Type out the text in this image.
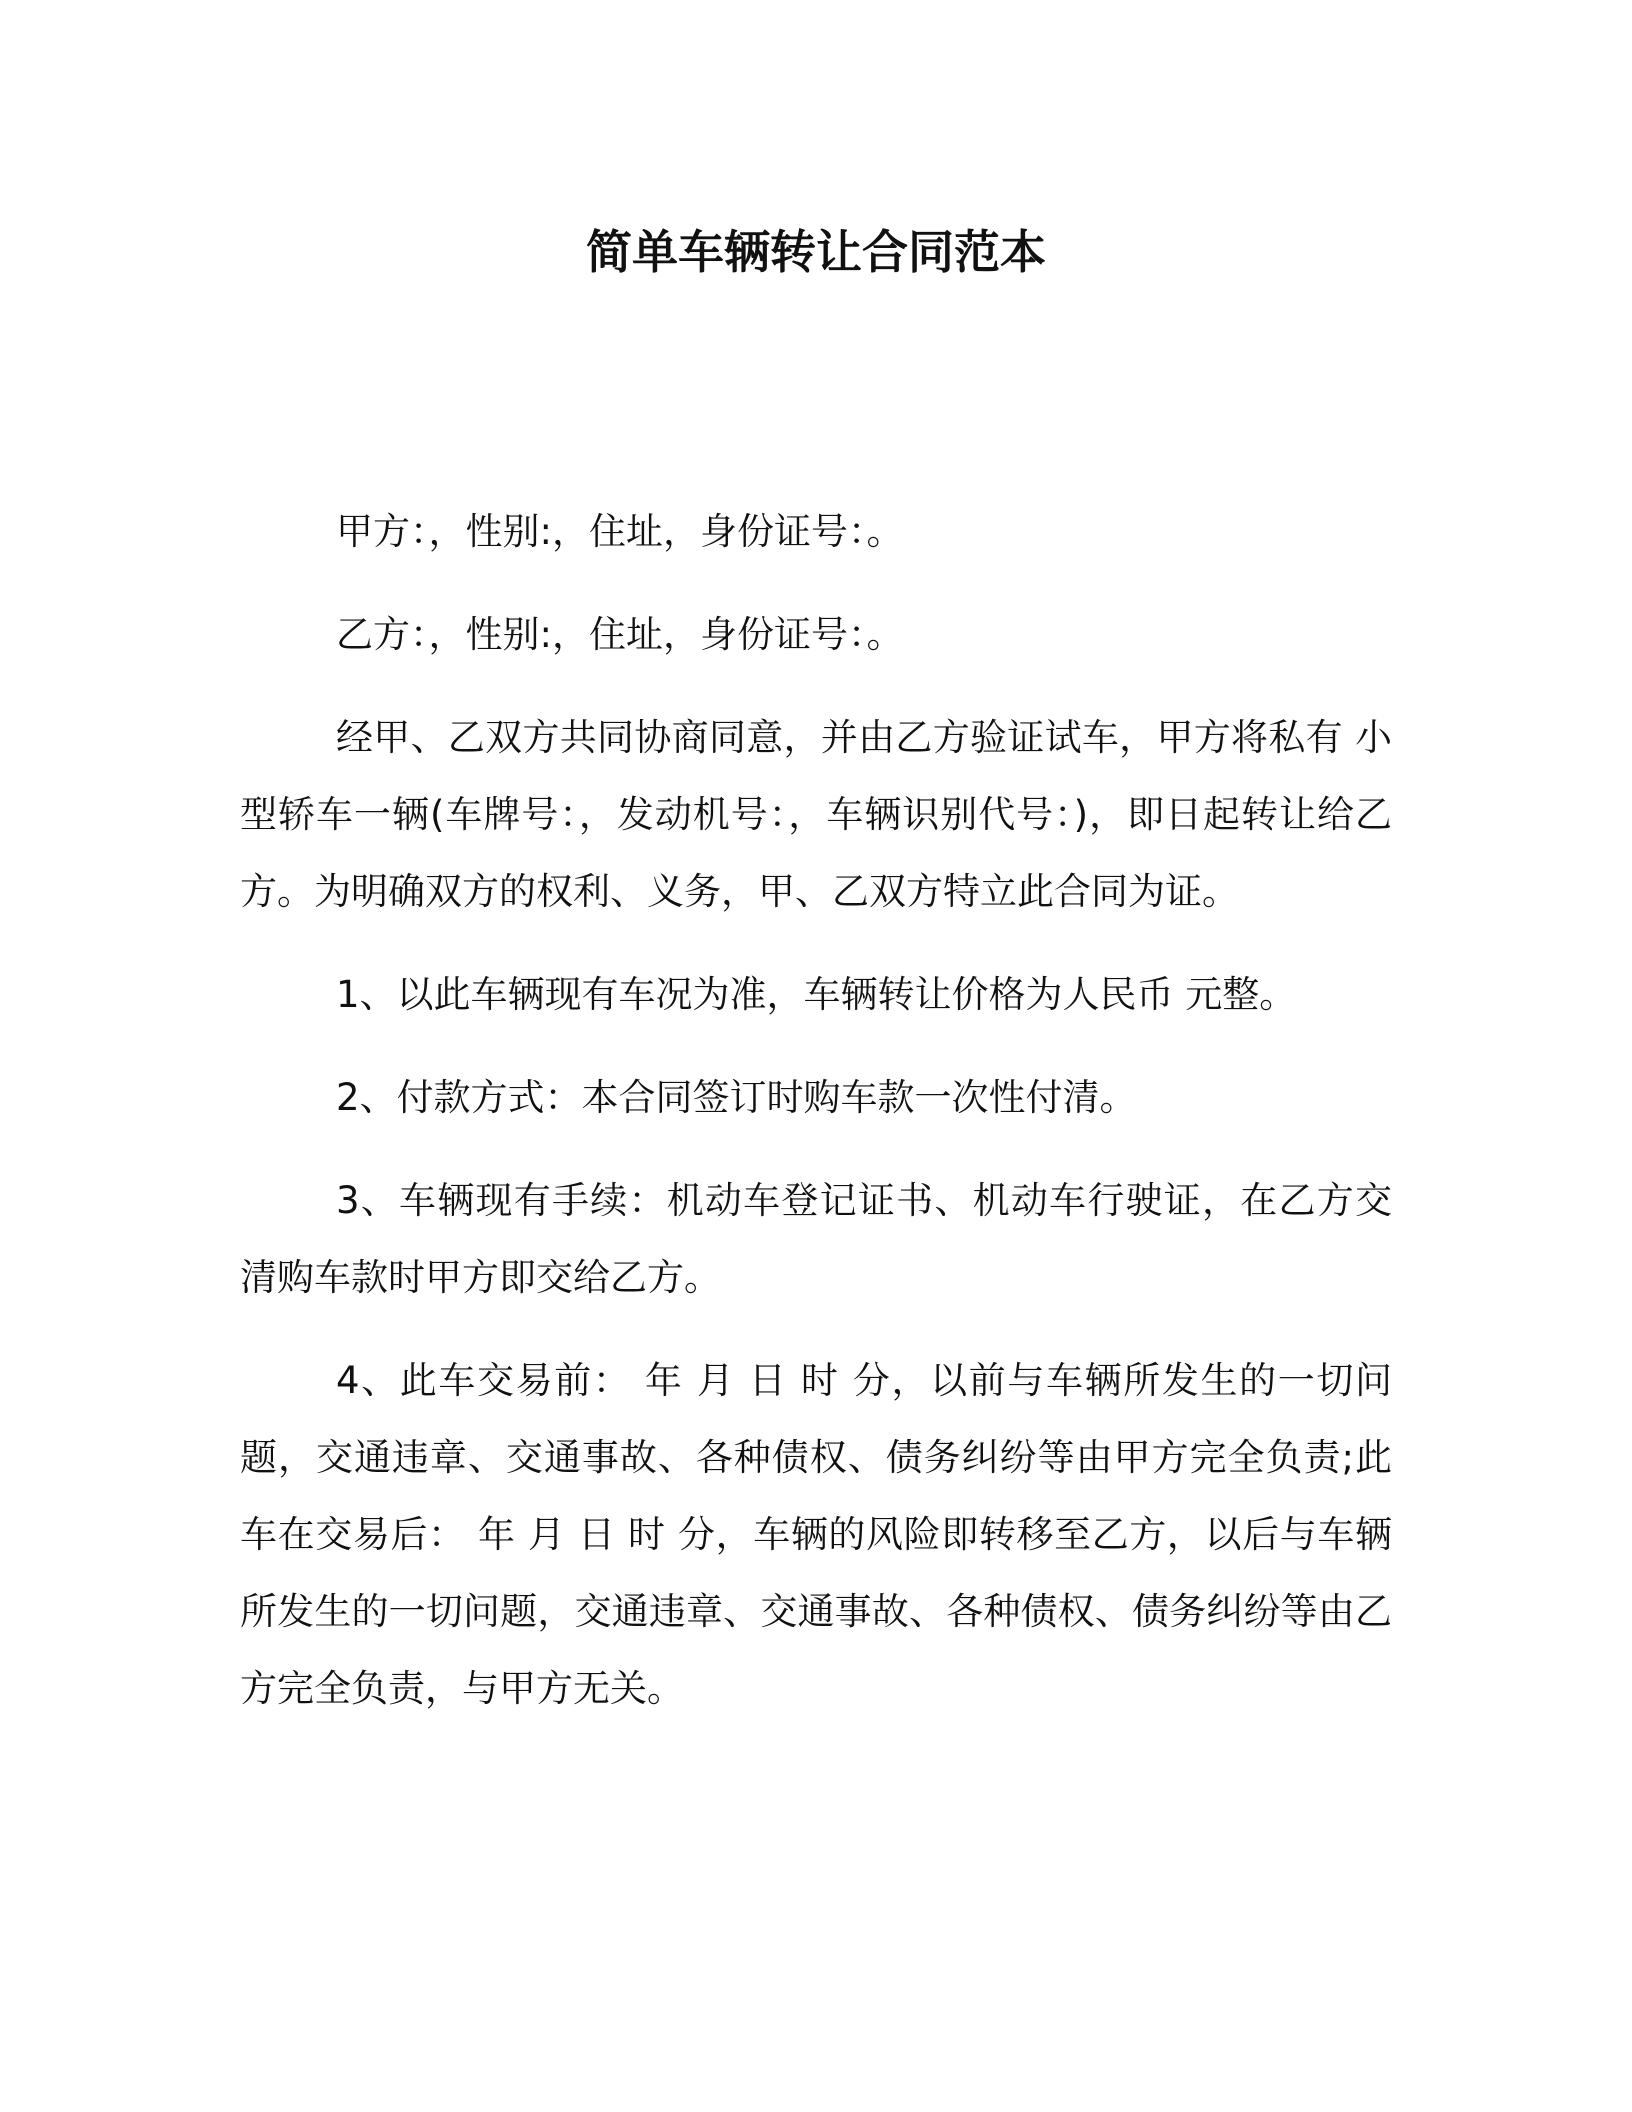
简单车辆转让合同范本

甲方：，性别:，住址，身份证号：。

乙方：，性别:，住址，身份证号：。

经甲、乙双方共同协商同意，并由乙方验证试车，甲方将私有 小型轿车一辆(车牌号：，发动机号：，车辆识别代号：)，即日起转让给乙方。为明确双方的权利、义务，甲、乙双方特立此合同为证。

1、以此车辆现有车况为准，车辆转让价格为人民币 元整。

2、付款方式：本合同签订时购车款一次性付清。

3、车辆现有手续：机动车登记证书、机动车行驶证，在乙方交清购车款时甲方即交给乙方。

4、此车交易前： 年 月 日 时 分，以前与车辆所发生的一切问题，交通违章、交通事故、各种债权、债务纠纷等由甲方完全负责;此车在交易后： 年 月 日 时 分，车辆的风险即转移至乙方，以后与车辆所发生的一切问题，交通违章、交通事故、各种债权、债务纠纷等由乙方完全负责，与甲方无关。
